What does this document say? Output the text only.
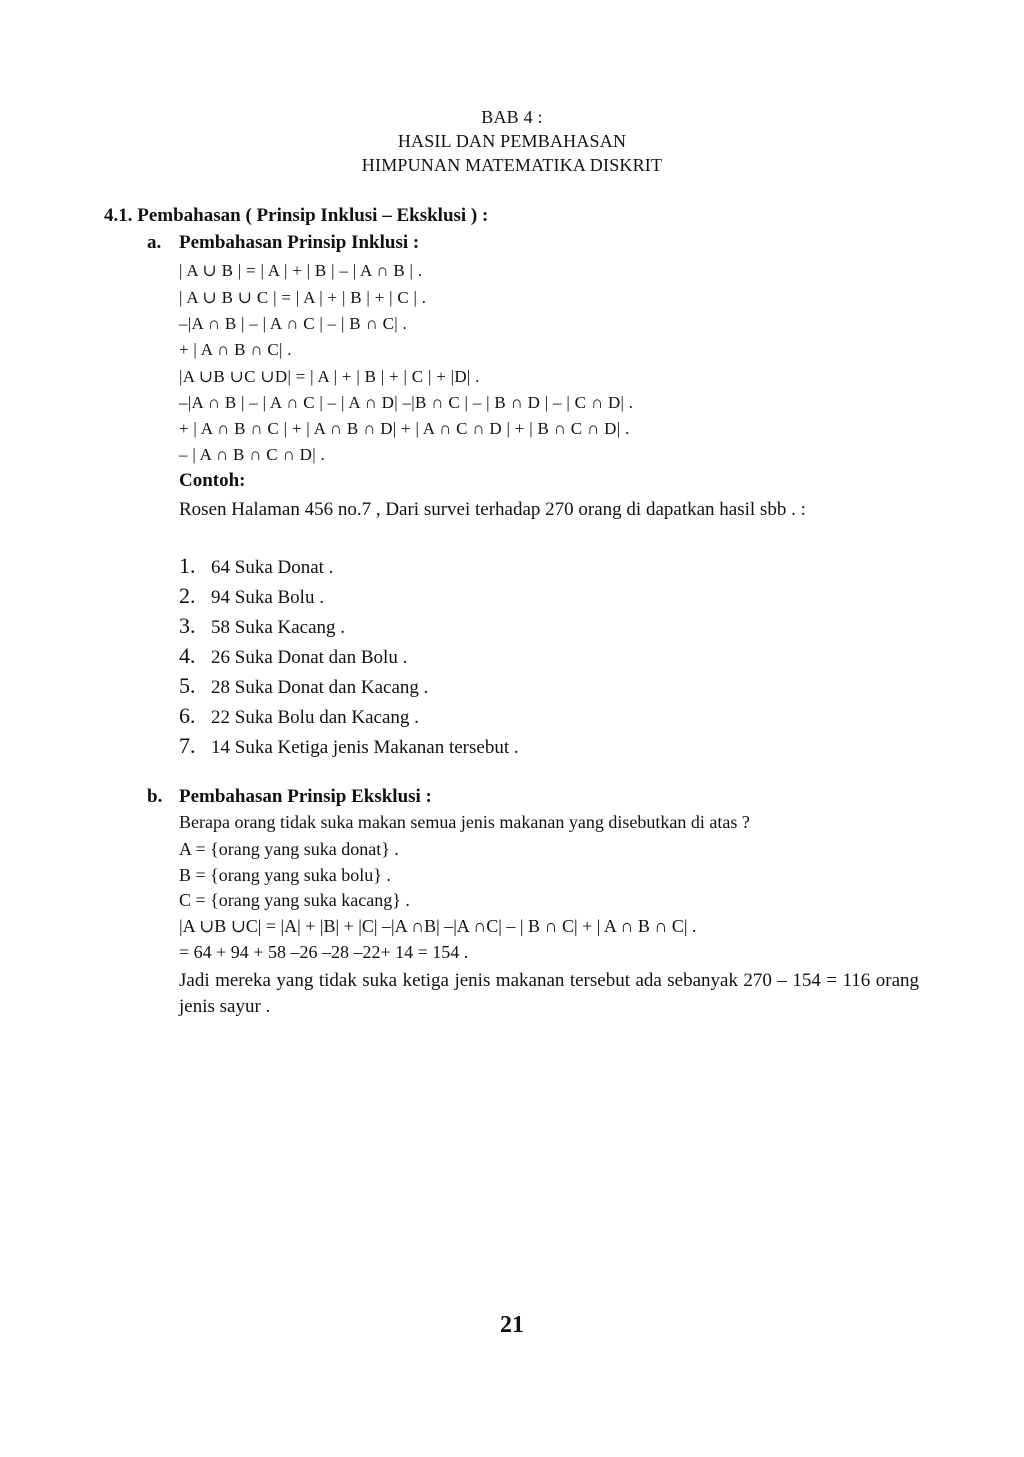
BAB 4 :
HASIL DAN PEMBAHASAN
HIMPUNAN MATEMATIKA DISKRIT
4.1. Pembahasan ( Prinsip Inklusi – Eksklusi ) :
a. Pembahasan Prinsip Inklusi :
| A ∪ B | = | A | + | B | – | A ∩ B | .
| A ∪ B ∪ C | = | A | + | B | + | C | .
–|A ∩ B | – | A ∩ C | – | B ∩ C| .
+ | A ∩ B ∩ C| .
|A ∪B ∪C ∪D| = | A | + | B | + | C | + |D| .
–|A ∩ B | – | A ∩ C | – | A ∩ D| –|B ∩ C | – | B ∩ D | – | C ∩ D| .
+ | A ∩ B ∩ C | + | A ∩ B ∩ D| + | A ∩ C ∩ D | + | B ∩ C ∩ D| .
– | A ∩ B ∩ C ∩ D| .
Contoh:
Rosen Halaman 456 no.7 , Dari survei terhadap 270 orang di dapatkan hasil sbb . :
1. 64 Suka Donat .
2. 94 Suka Bolu .
3. 58 Suka Kacang .
4. 26 Suka Donat dan Bolu .
5. 28 Suka Donat dan Kacang .
6. 22 Suka Bolu dan Kacang .
7. 14 Suka Ketiga jenis Makanan tersebut .
b. Pembahasan Prinsip Eksklusi :
Berapa orang tidak suka makan semua jenis makanan yang disebutkan di atas ?
A = {orang yang suka donat} .
B = {orang yang suka bolu} .
C = {orang yang suka kacang} .
|A ∪B ∪C| = |A| + |B| + |C| –|A ∩B| –|A ∩C| – | B ∩ C| + | A ∩ B ∩ C| .
= 64 + 94 + 58 –26 –28 –22+ 14 = 154 .
Jadi mereka yang tidak suka ketiga jenis makanan tersebut ada sebanyak 270 – 154 = 116 orang jenis sayur .
21
